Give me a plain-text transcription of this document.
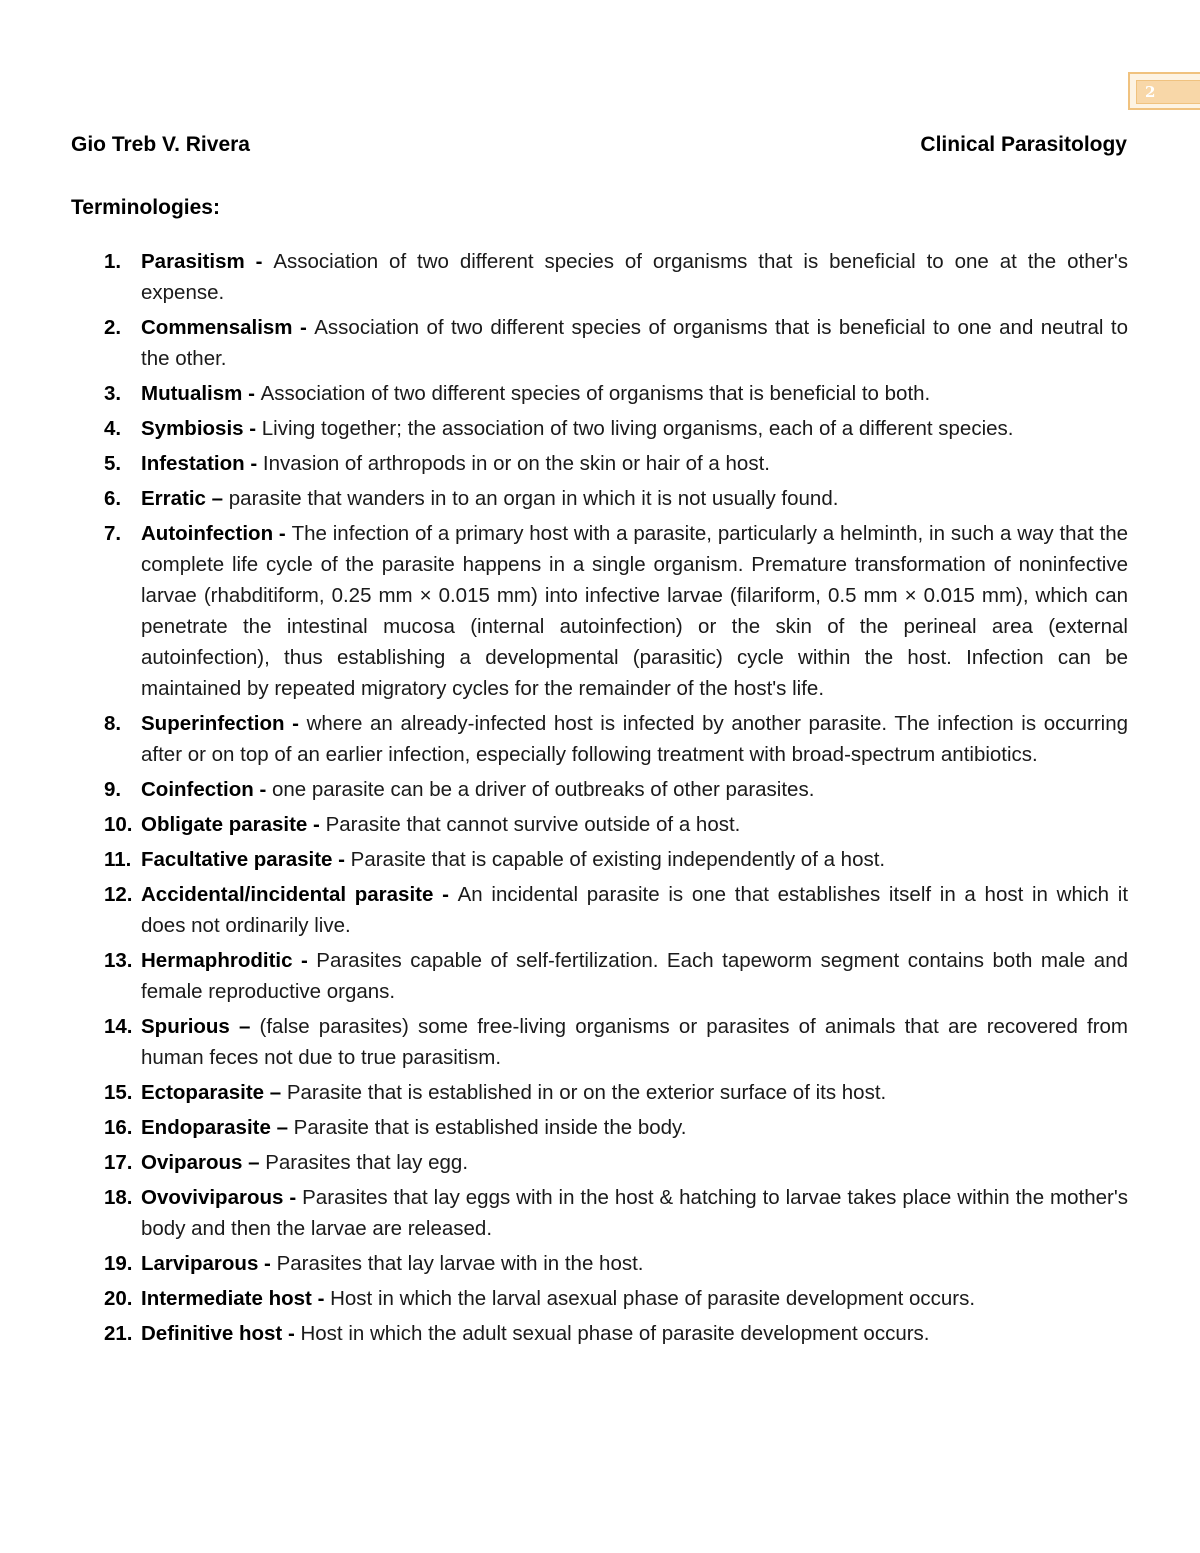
2
Gio Treb V. Rivera	Clinical Parasitology
Terminologies:
1. Parasitism - Association of two different species of organisms that is beneficial to one at the other's expense.
2. Commensalism - Association of two different species of organisms that is beneficial to one and neutral to the other.
3. Mutualism - Association of two different species of organisms that is beneficial to both.
4. Symbiosis - Living together; the association of two living organisms, each of a different species.
5. Infestation - Invasion of arthropods in or on the skin or hair of a host.
6. Erratic – parasite that wanders in to an organ in which it is not usually found.
7. Autoinfection - The infection of a primary host with a parasite, particularly a helminth, in such a way that the complete life cycle of the parasite happens in a single organism. Premature transformation of noninfective larvae (rhabditiform, 0.25 mm × 0.015 mm) into infective larvae (filariform, 0.5 mm × 0.015 mm), which can penetrate the intestinal mucosa (internal autoinfection) or the skin of the perineal area (external autoinfection), thus establishing a developmental (parasitic) cycle within the host. Infection can be maintained by repeated migratory cycles for the remainder of the host's life.
8. Superinfection - where an already-infected host is infected by another parasite. The infection is occurring after or on top of an earlier infection, especially following treatment with broad-spectrum antibiotics.
9. Coinfection - one parasite can be a driver of outbreaks of other parasites.
10. Obligate parasite - Parasite that cannot survive outside of a host.
11. Facultative parasite - Parasite that is capable of existing independently of a host.
12. Accidental/incidental parasite - An incidental parasite is one that establishes itself in a host in which it does not ordinarily live.
13. Hermaphroditic - Parasites capable of self-fertilization. Each tapeworm segment contains both male and female reproductive organs.
14. Spurious – (false parasites) some free-living organisms or parasites of animals that are recovered from human feces not due to true parasitism.
15. Ectoparasite – Parasite that is established in or on the exterior surface of its host.
16. Endoparasite – Parasite that is established inside the body.
17. Oviparous – Parasites that lay egg.
18. Ovoviviparous - Parasites that lay eggs with in the host & hatching to larvae takes place within the mother's body and then the larvae are released.
19. Larviparous - Parasites that lay larvae with in the host.
20. Intermediate host - Host in which the larval asexual phase of parasite development occurs.
21. Definitive host - Host in which the adult sexual phase of parasite development occurs.
